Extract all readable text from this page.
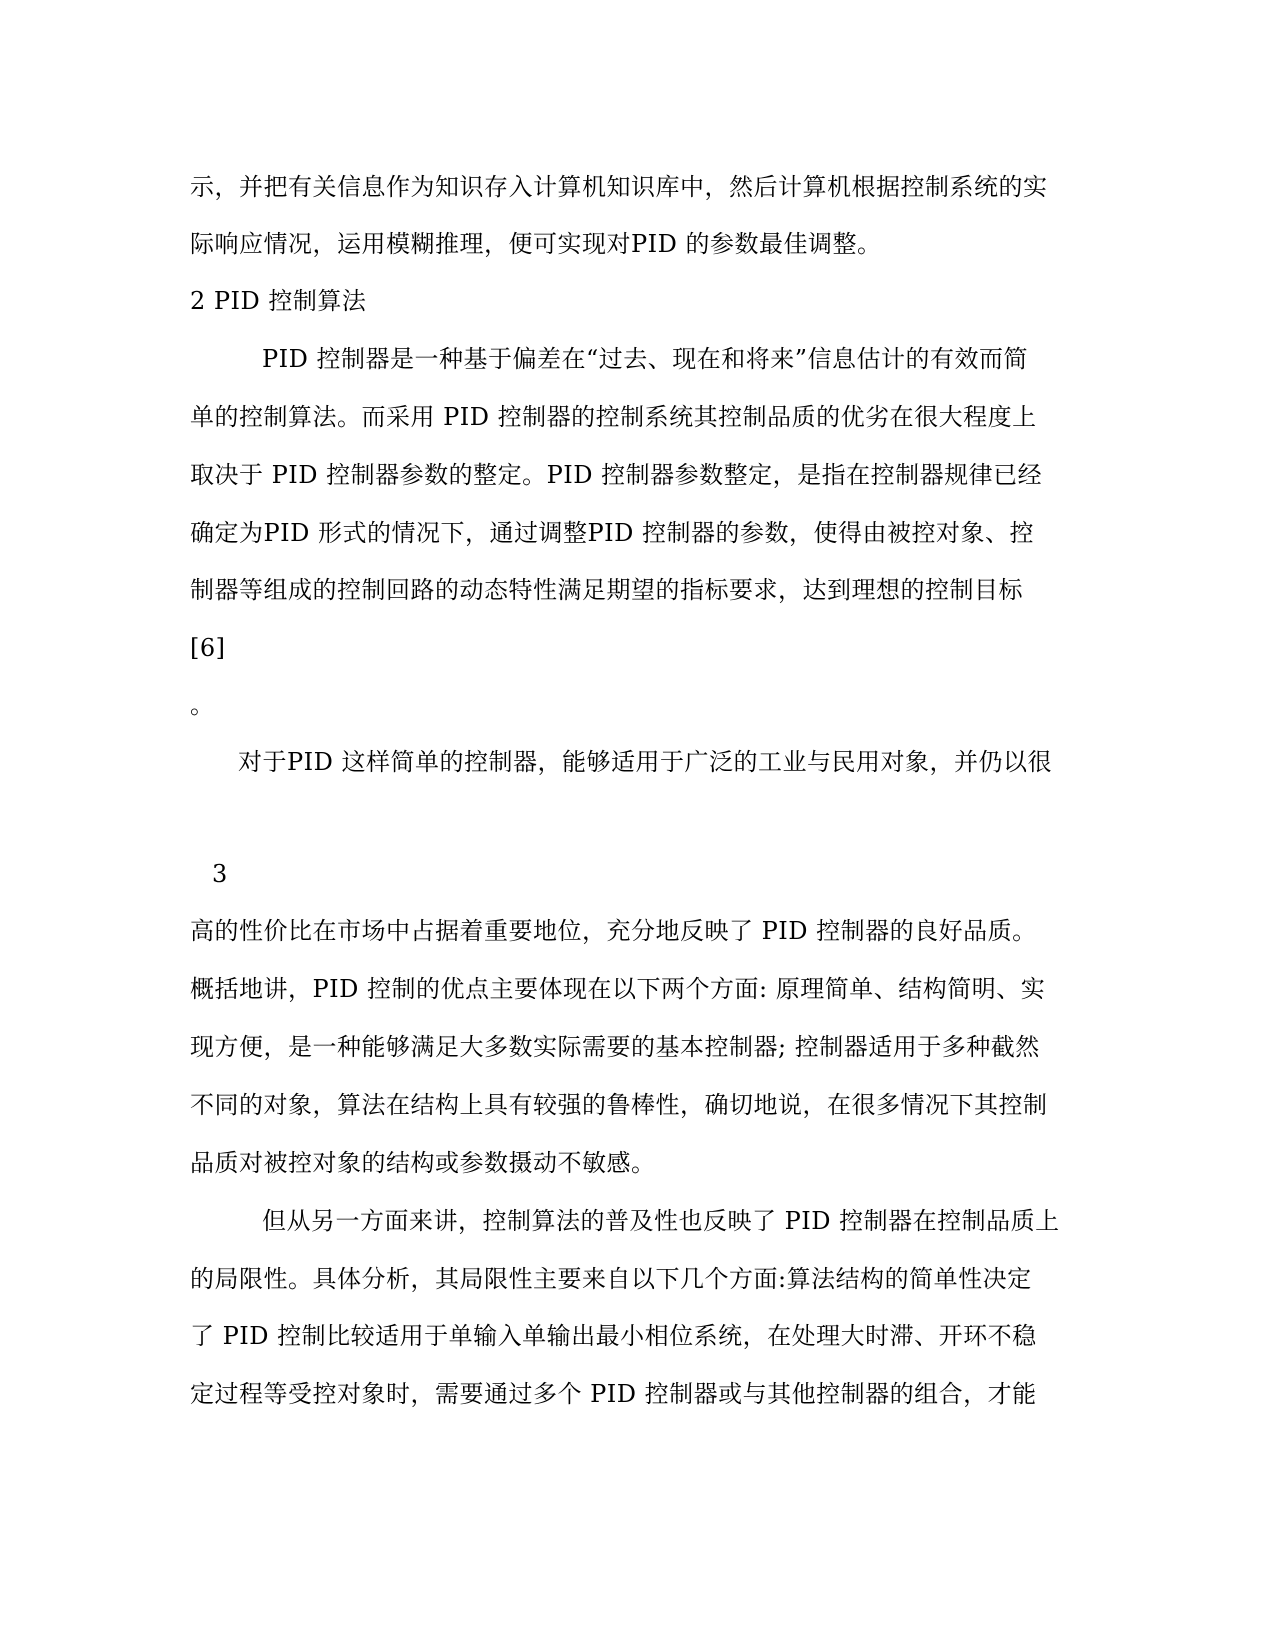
示，并把有关信息作为知识存入计算机知识库中，然后计算机根据控制系统的实
际响应情况，运用模糊推理，便可实现对PID 的参数最佳调整。
2 PID 控制算法
PID 控制器是一种基于偏差在“过去、现在和将来”信息估计的有效而简
单的控制算法。而采用 PID 控制器的控制系统其控制品质的优劣在很大程度上
取决于 PID 控制器参数的整定。PID 控制器参数整定，是指在控制器规律已经
确定为PID 形式的情况下，通过调整PID 控制器的参数，使得由被控对象、控
制器等组成的控制回路的动态特性满足期望的指标要求，达到理想的控制目标
[6]
。
对于PID 这样简单的控制器，能够适用于广泛的工业与民用对象，并仍以很
3
高的性价比在市场中占据着重要地位，充分地反映了 PID 控制器的良好品质。
概括地讲，PID 控制的优点主要体现在以下两个方面: 原理简单、结构简明、实
现方便，是一种能够满足大多数实际需要的基本控制器; 控制器适用于多种截然
不同的对象，算法在结构上具有较强的鲁棒性，确切地说，在很多情况下其控制
品质对被控对象的结构或参数摄动不敏感。
但从另一方面来讲，控制算法的普及性也反映了 PID 控制器在控制品质上
的局限性。具体分析，其局限性主要来自以下几个方面:算法结构的简单性决定
了 PID 控制比较适用于单输入单输出最小相位系统，在处理大时滞、开环不稳
定过程等受控对象时，需要通过多个 PID 控制器或与其他控制器的组合，才能
